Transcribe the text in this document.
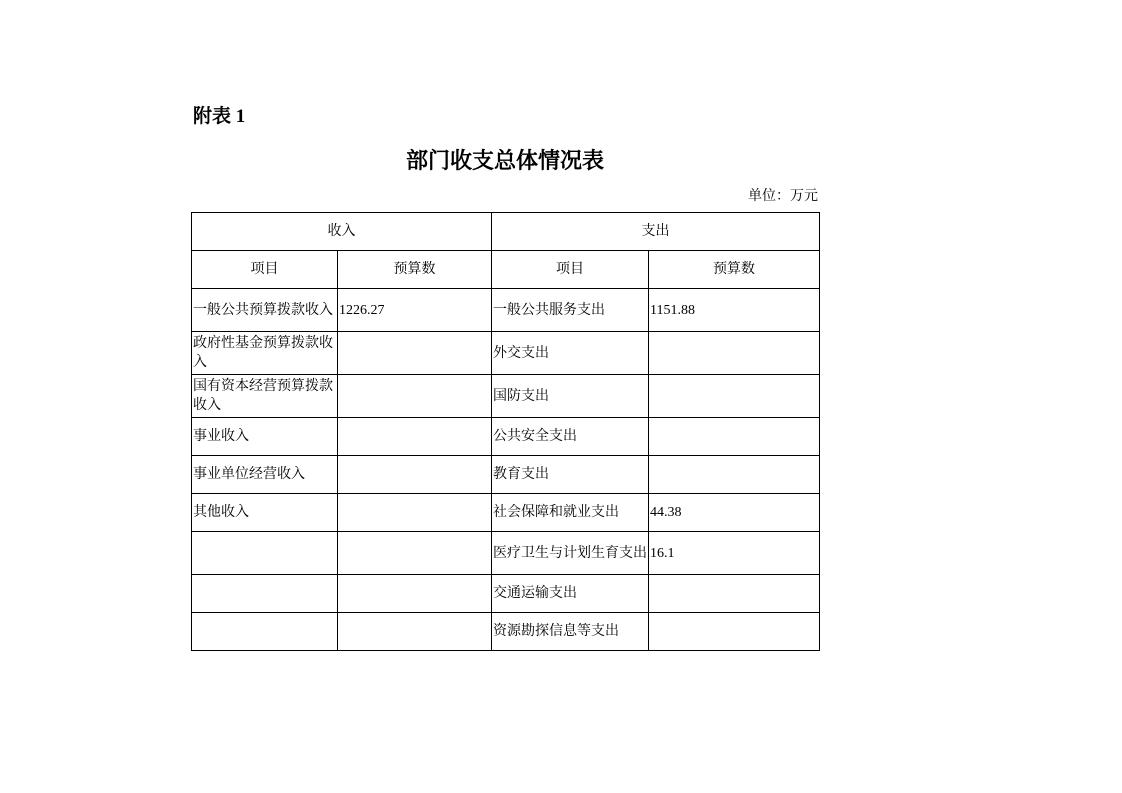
附表 1
部门收支总体情况表
单位：万元
收入		支出	
项目	预算数	项目	预算数
一般公共预算拨款收入	1226.27	一般公共服务支出	1151.88
政府性基金预算拨款收入		外交支出	
国有资本经营预算拨款收入		国防支出	
事业收入		公共安全支出	
事业单位经营收入		教育支出	
其他收入		社会保障和就业支出	44.38
		医疗卫生与计划生育支出	16.1
		交通运输支出	
		资源勘探信息等支出	
